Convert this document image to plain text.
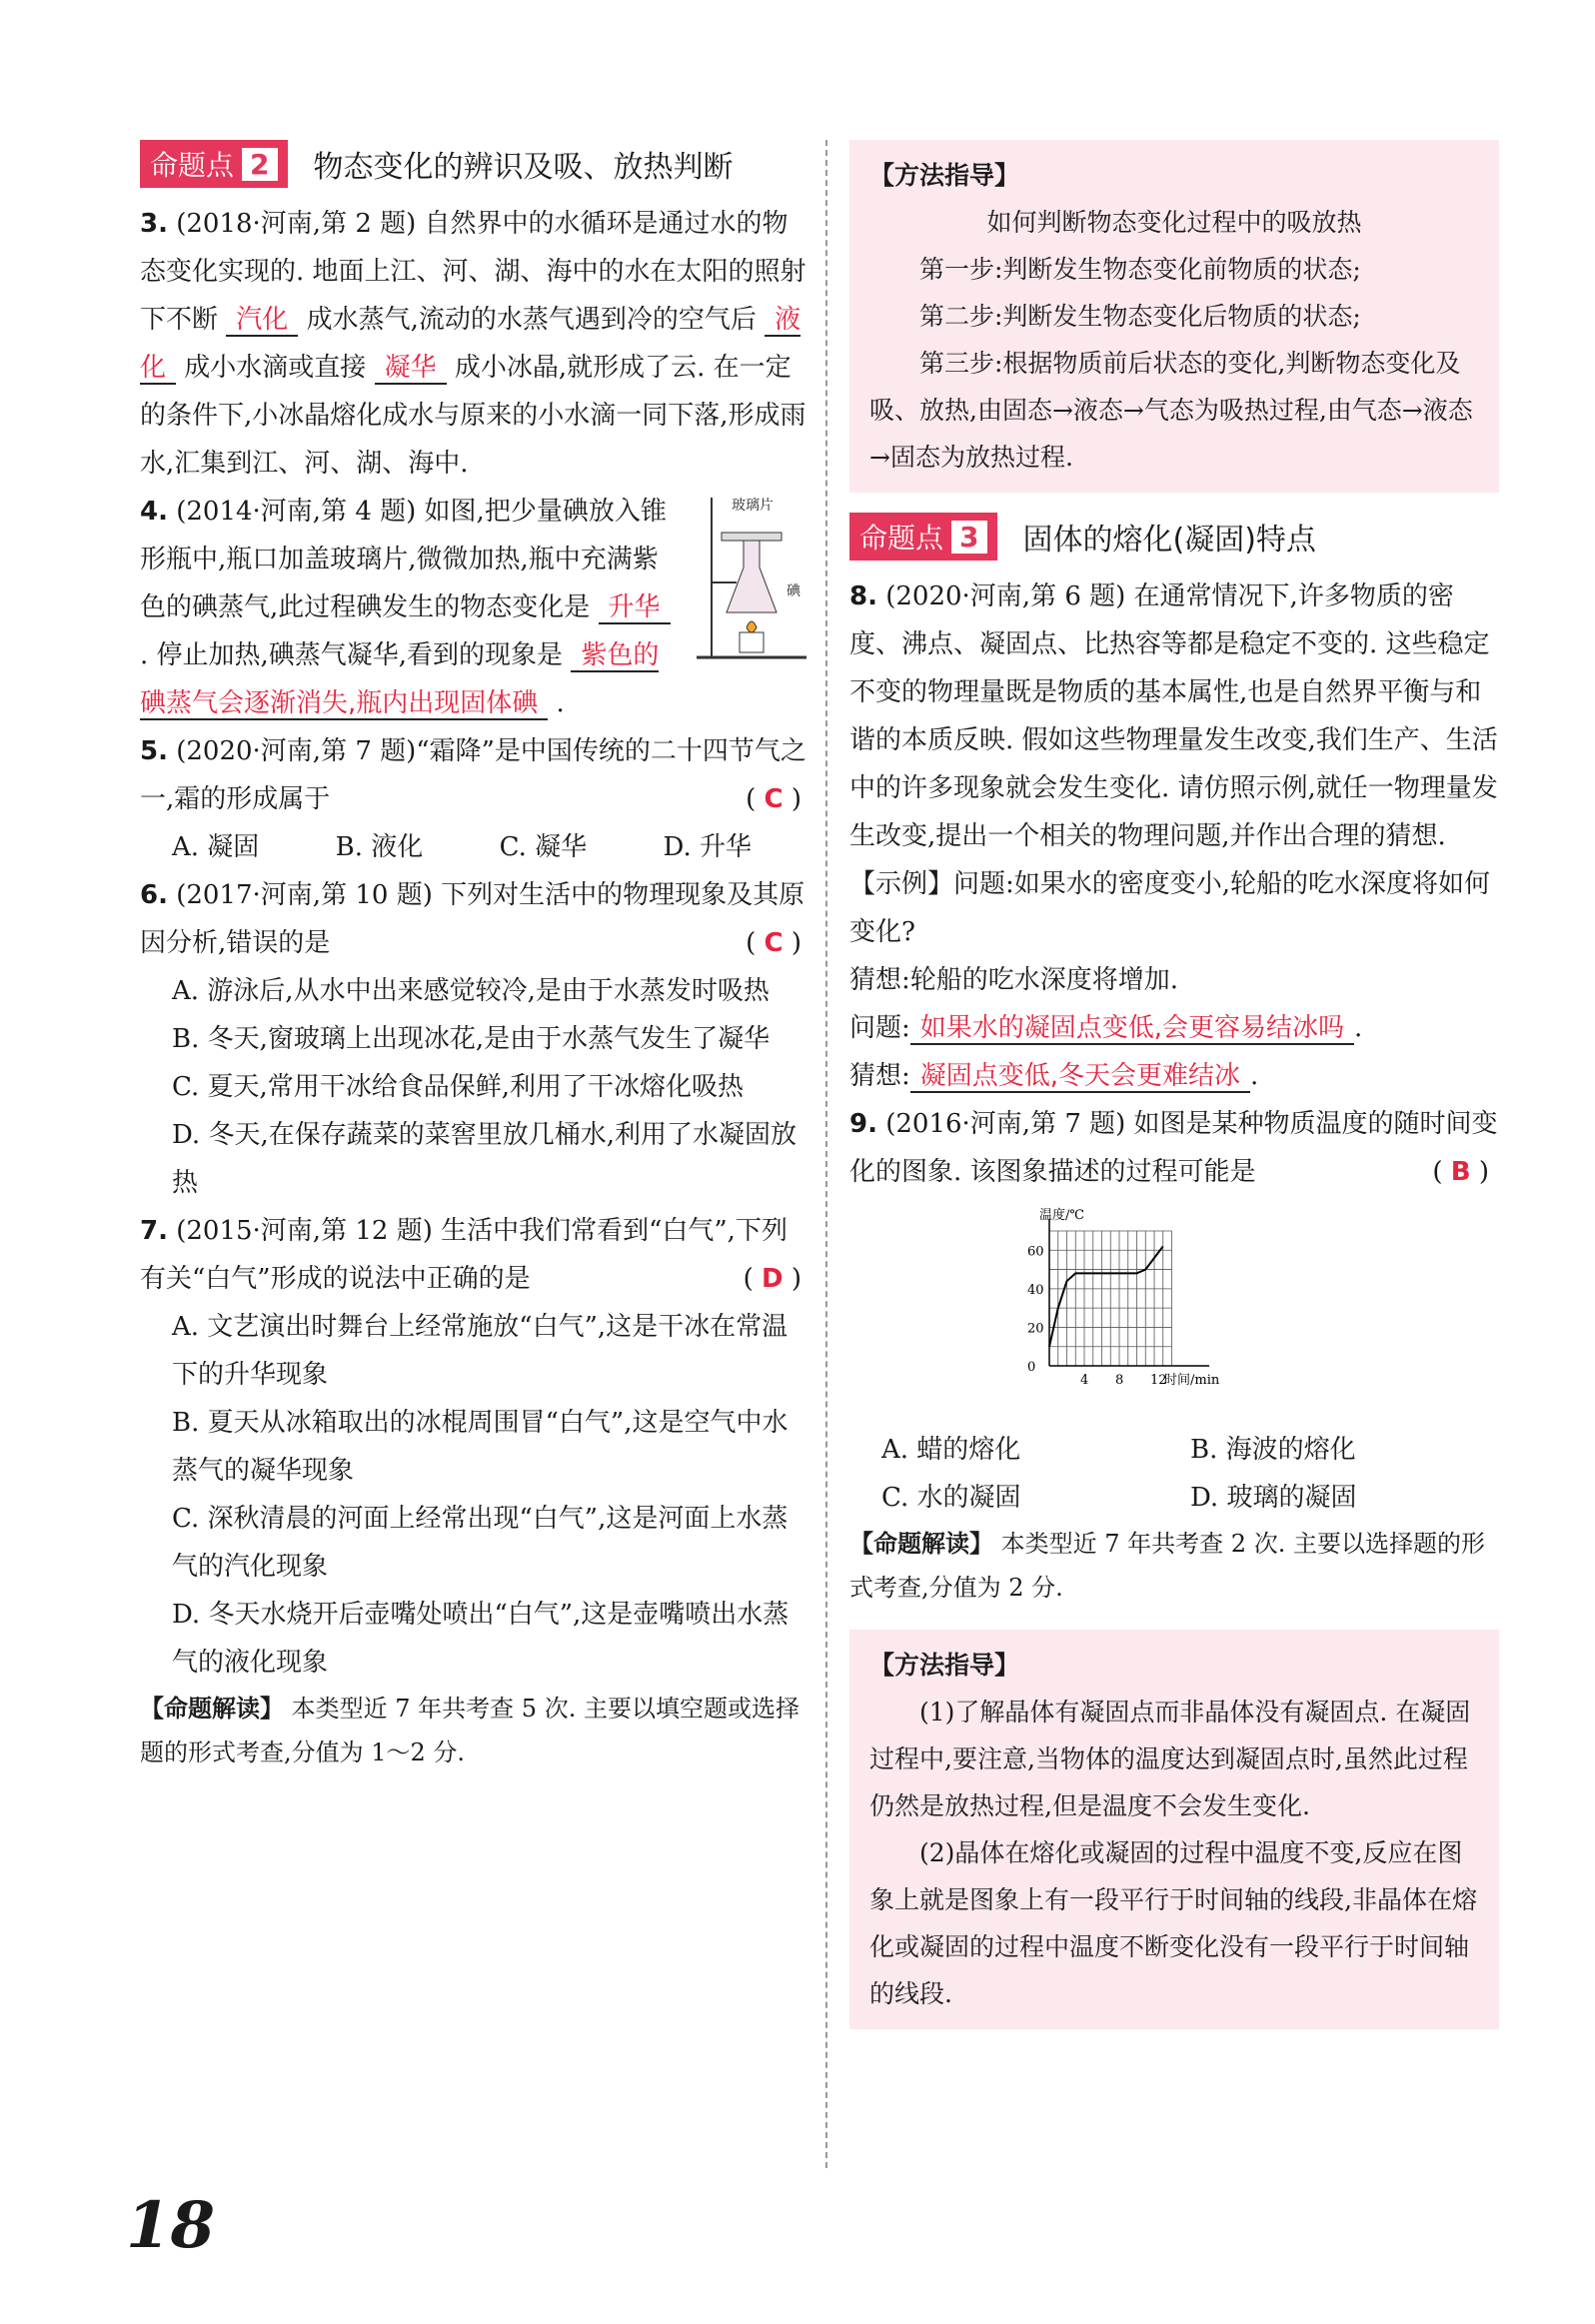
命题点 2 物态变化的辨识及吸、放热判断
3. (2018·河南,第 2 题) 自然界中的水循环是通过水的物态变化实现的. 地面上江、河、湖、海中的水在太阳的照射下不断 汽化 成水蒸气,流动的水蒸气遇到冷的空气后 液化 成小水滴或直接 凝华 成小冰晶,就形成了云. 在一定的条件下,小冰晶熔化成水与原来的小水滴一同下落,形成雨水,汇集到江、河、湖、海中.
玻璃片
碘
4. (2014·河南,第 4 题) 如图,把少量碘放入锥形瓶中,瓶口加盖玻璃片,微微加热,瓶中充满紫色的碘蒸气,此过程碘发生的物态变化是 升华 . 停止加热,碘蒸气凝华,看到的现象是 紫色的碘蒸气会逐渐消失,瓶内出现固体碘 .
5. (2020·河南,第 7 题)“霜降”是中国传统的二十四节气之一,霜的形成属于	( C )
A. 凝固	B. 液化	C. 凝华	D. 升华
6. (2017·河南,第 10 题) 下列对生活中的物理现象及其原因分析,错误的是	( C )
A. 游泳后,从水中出来感觉较冷,是由于水蒸发时吸热
B. 冬天,窗玻璃上出现冰花,是由于水蒸气发生了凝华
C. 夏天,常用干冰给食品保鲜,利用了干冰熔化吸热
D. 冬天,在保存蔬菜的菜窖里放几桶水,利用了水凝固放热
7. (2015·河南,第 12 题) 生活中我们常看到“白气”,下列有关“白气”形成的说法中正确的是	( D )
A. 文艺演出时舞台上经常施放“白气”,这是干冰在常温下的升华现象
B. 夏天从冰箱取出的冰棍周围冒“白气”,这是空气中水蒸气的凝华现象
C. 深秋清晨的河面上经常出现“白气”,这是河面上水蒸气的汽化现象
D. 冬天水烧开后壶嘴处喷出“白气”,这是壶嘴喷出水蒸气的液化现象
【命题解读】 本类型近 7 年共考查 5 次. 主要以填空题或选择题的形式考查,分值为 1～2 分.
【方法指导】
如何判断物态变化过程中的吸放热
第一步:判断发生物态变化前物质的状态;
第二步:判断发生物态变化后物质的状态;
第三步:根据物质前后状态的变化,判断物态变化及吸、放热,由固态→液态→气态为吸热过程,由气态→液态→固态为放热过程.
命题点 3 固体的熔化(凝固)特点
8. (2020·河南,第 6 题) 在通常情况下,许多物质的密度、沸点、凝固点、比热容等都是稳定不变的. 这些稳定不变的物理量既是物质的基本属性,也是自然界平衡与和谐的本质反映. 假如这些物理量发生改变,我们生产、生活中的许多现象就会发生变化. 请仿照示例,就任一物理量发生改变,提出一个相关的物理问题,并作出合理的猜想.
【示例】问题:如果水的密度变小,轮船的吃水深度将如何变化?
猜想:轮船的吃水深度将增加.
问题: 如果水的凝固点变低,会更容易结冰吗 .
猜想: 凝固点变低,冬天会更难结冰 .
9. (2016·河南,第 7 题) 如图是某种物质温度的随时间变化的图象. 该图象描述的过程可能是	( B )
温度/℃
时间/min
0
20
40
60
4 8 12
A. 蜡的熔化	B. 海波的熔化
C. 水的凝固	D. 玻璃的凝固
【命题解读】 本类型近 7 年共考查 2 次. 主要以选择题的形式考查,分值为 2 分.
【方法指导】
(1)了解晶体有凝固点而非晶体没有凝固点. 在凝固过程中,要注意,当物体的温度达到凝固点时,虽然此过程仍然是放热过程,但是温度不会发生变化.
(2)晶体在熔化或凝固的过程中温度不变,反应在图象上就是图象上有一段平行于时间轴的线段,非晶体在熔化或凝固的过程中温度不断变化没有一段平行于时间轴的线段.
18
